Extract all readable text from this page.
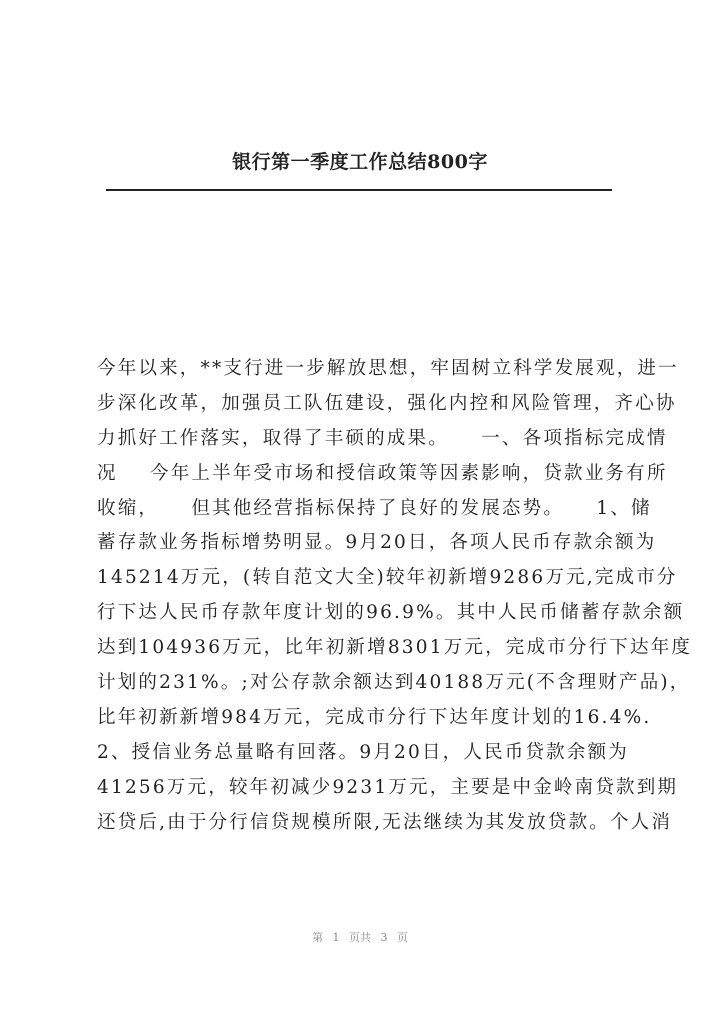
银行第一季度工作总结800字
今年以来，**支行进一步解放思想，牢固树立科学发展观，进一
步深化改革，加强员工队伍建设，强化内控和风险管理，齐心协
力抓好工作落实，取得了丰硕的成果。    一、各项指标完成情
况    今年上半年受市场和授信政策等因素影响，贷款业务有所
收缩，    但其他经营指标保持了良好的发展态势。    1、储
蓄存款业务指标增势明显。9月20日，各项人民币存款余额为
145214万元，(转自范文大全)较年初新增9286万元,完成市分
行下达人民币存款年度计划的96.9%。其中人民币储蓄存款余额
达到104936万元，比年初新增8301万元，完成市分行下达年度
计划的231%。;对公存款余额达到40188万元(不含理财产品)，
比年初新新增984万元，完成市分行下达年度计划的16.4%.
2、授信业务总量略有回落。9月20日，人民币贷款余额为
41256万元，较年初减少9231万元，主要是中金岭南贷款到期
还贷后,由于分行信贷规模所限,无法继续为其发放贷款。个人消
第 1 页共 3 页
